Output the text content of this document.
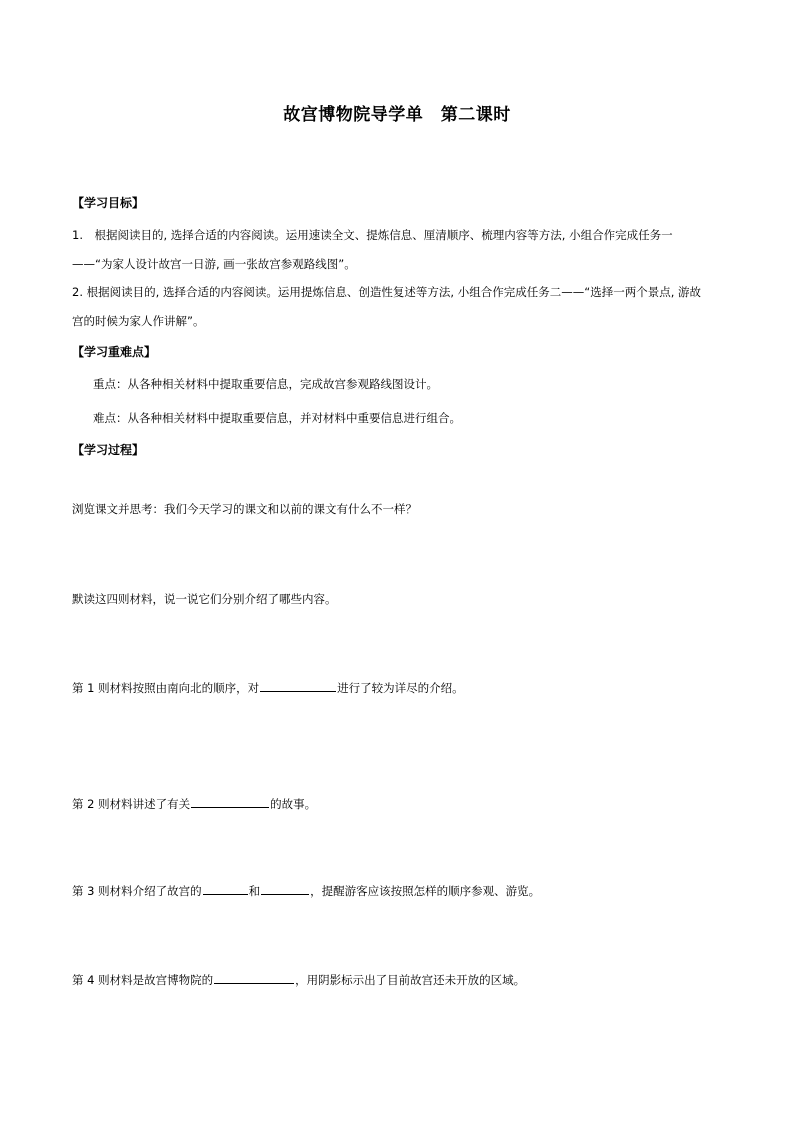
故宫博物院导学单　第二课时
【学习目标】
1.　根据阅读目的, 选择合适的内容阅读。运用速读全文、提炼信息、厘清顺序、梳理内容等方法, 小组合作完成任务一
——“为家人设计故宫一日游, 画一张故宫参观路线图”。
2. 根据阅读目的, 选择合适的内容阅读。运用提炼信息、创造性复述等方法, 小组合作完成任务二——“选择一两个景点, 游故
宫的时候为家人作讲解”。
【学习重难点】
重点：从各种相关材料中提取重要信息，完成故宫参观路线图设计。
难点：从各种相关材料中提取重要信息，并对材料中重要信息进行组合。
【学习过程】
浏览课文并思考：我们今天学习的课文和以前的课文有什么不一样？
默读这四则材料，说一说它们分别介绍了哪些内容。
第 1 则材料按照由南向北的顺序，对	进行了较为详尽的介绍。
第 2 则材料讲述了有关	的故事。
第 3 则材料介绍了故宫的	和	，提醒游客应该按照怎样的顺序参观、游览。
第 4 则材料是故宫博物院的	，用阴影标示出了目前故宫还未开放的区域。
